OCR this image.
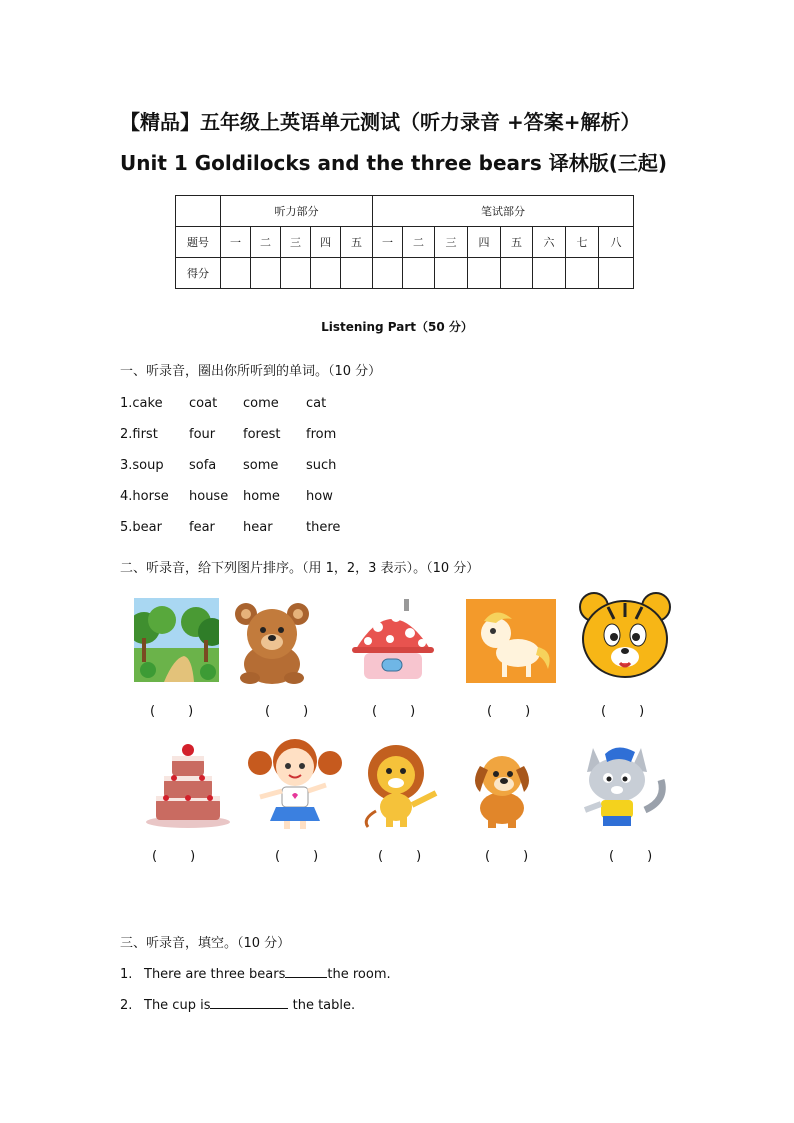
【精品】五年级上英语单元测试（听力录音 +答案+解析）
Unit 1 Goldilocks and the three bears 译林版(三起)
	听力部分					笔试部分							
题号	一	二	三	四	五	一	二	三	四	五	六	七	八
得分													
Listening Part（50 分）
一、听录音，圈出你所听到的单词。（10 分）
1.cake coat come cat
2.first four forest from
3.soup sofa some such
4.horse house home how
5.bear fear hear	there
二、听录音，给下列图片排序。（用 1，2，3 表示）。（10 分）
(        )	(        )	(        )	(        )	(        )
(        )	(        )	(        )	(        )	(        )
三、听录音，填空。（10 分）
1. There are three bears	the room.
2. The cup is	the table.
